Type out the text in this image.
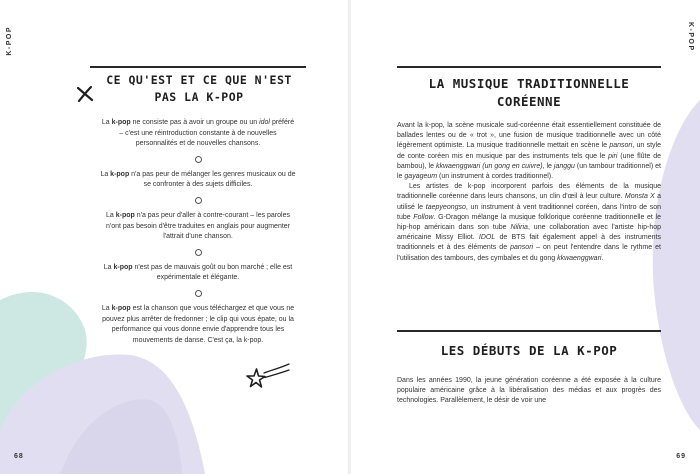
K-POP
CE QU'EST ET CE QUE N'EST
PAS LA K-POP

La k-pop ne consiste pas à avoir un groupe ou un idol préféré – c'est une réintroduction constante à de nouvelles personnalités et de nouvelles chansons.

La k-pop n'a pas peur de mélanger les genres musicaux ou de se confronter à des sujets difficiles.

La k-pop n'a pas peur d'aller à contre-courant – les paroles n'ont pas besoin d'être traduites en anglais pour augmenter l'attrait d'une chanson.

La k-pop n'est pas de mauvais goût ou bon marché ; elle est expérimentale et élégante.

La k-pop est la chanson que vous téléchargez et que vous ne pouvez plus arrêter de fredonner ; le clip qui vous épate, ou la performance qui vous donne envie d'apprendre tous les mouvements de danse. C'est ça, la k-pop.

68
K-POP
LA MUSIQUE TRADITIONNELLE
CORÉENNE

Avant la k-pop, la scène musicale sud-coréenne était essentiellement constituée de ballades lentes ou de « trot », une fusion de musique traditionnelle avec un côté légèrement optimiste. La musique traditionnelle mettait en scène le pansori, un style de conte coréen mis en musique par des instruments tels que le piri (une flûte de bambou), le kkwaenggwari (un gong en cuivre), le janggu (un tambour traditionnel) et le gayageum (un instrument à cordes traditionnel).

Les artistes de k-pop incorporent parfois des éléments de la musique traditionnelle coréenne dans leurs chansons, un clin d'œil à leur culture. Monsta X a utilisé le taepyeongso, un instrument à vent traditionnel coréen, dans l'intro de son tube Follow. G-Dragon mélange la musique folklorique coréenne traditionnelle et le hip-hop américain dans son tube Niliria, une collaboration avec l'artiste hip-hop américaine Missy Elliot. IDOL de BTS fait également appel à des instruments traditionnels et à des éléments de pansori – on peut l'entendre dans le rythme et l'utilisation des tambours, des cymbales et du gong kkwaenggwari.

LES DÉBUTS DE LA K-POP

Dans les années 1990, la jeune génération coréenne a été exposée à la culture populaire américaine grâce à la libéralisation des médias et aux progrès des technologies. Parallèlement, le désir de voir une

69
